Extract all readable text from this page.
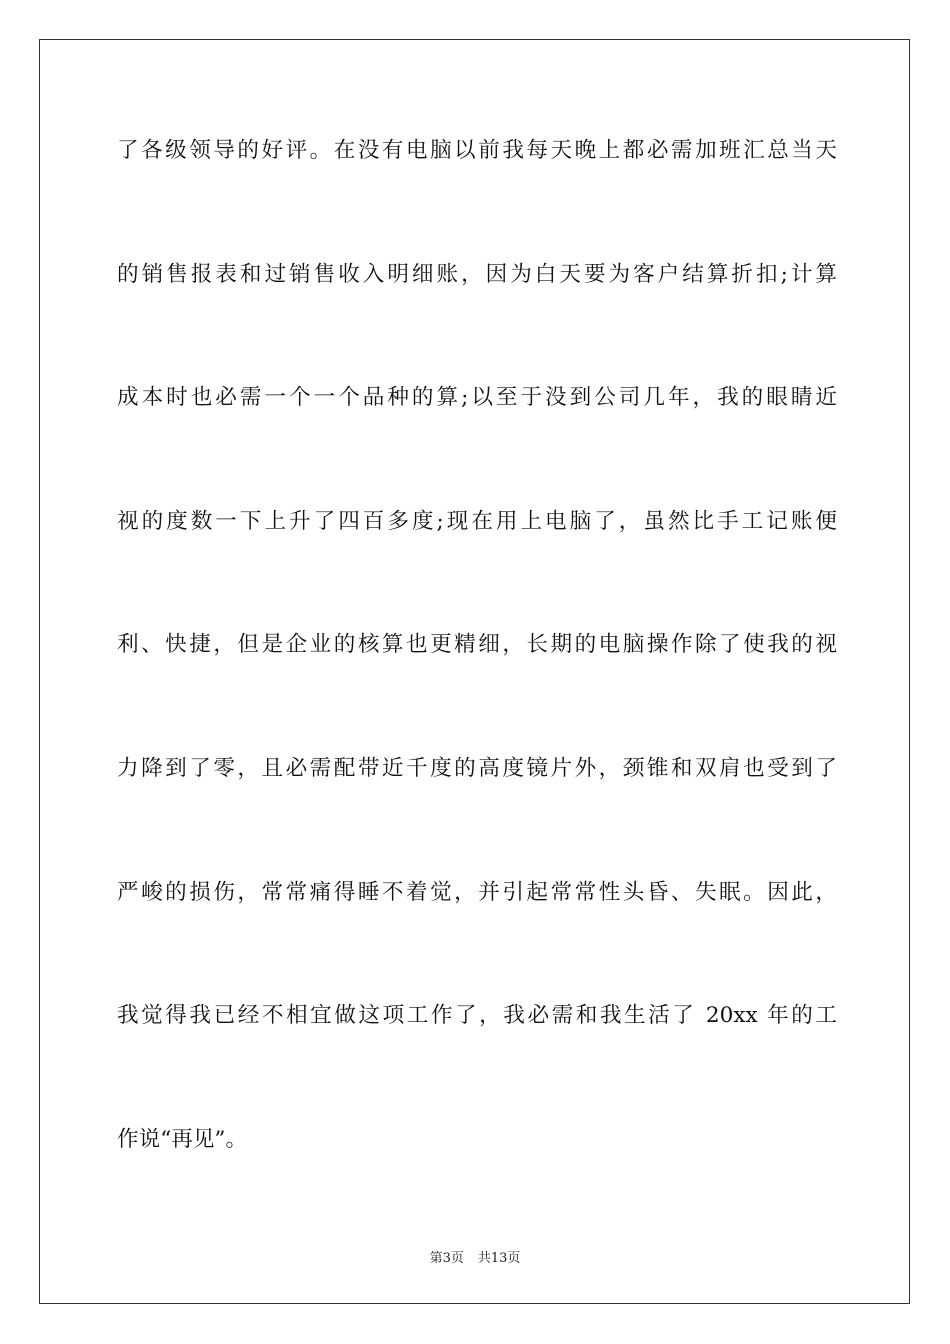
了各级领导的好评。在没有电脑以前我每天晚上都必需加班汇总当天
的销售报表和过销售收入明细账，因为白天要为客户结算折扣;计算
成本时也必需一个一个品种的算;以至于没到公司几年，我的眼睛近
视的度数一下上升了四百多度;现在用上电脑了，虽然比手工记账便
利、快捷，但是企业的核算也更精细，长期的电脑操作除了使我的视
力降到了零，且必需配带近千度的高度镜片外，颈锥和双肩也受到了
严峻的损伤，常常痛得睡不着觉，并引起常常性头昏、失眠。因此，
我觉得我已经不相宜做这项工作了，我必需和我生活了 20xx 年的工
作说“再见”。
第3页 共13页
